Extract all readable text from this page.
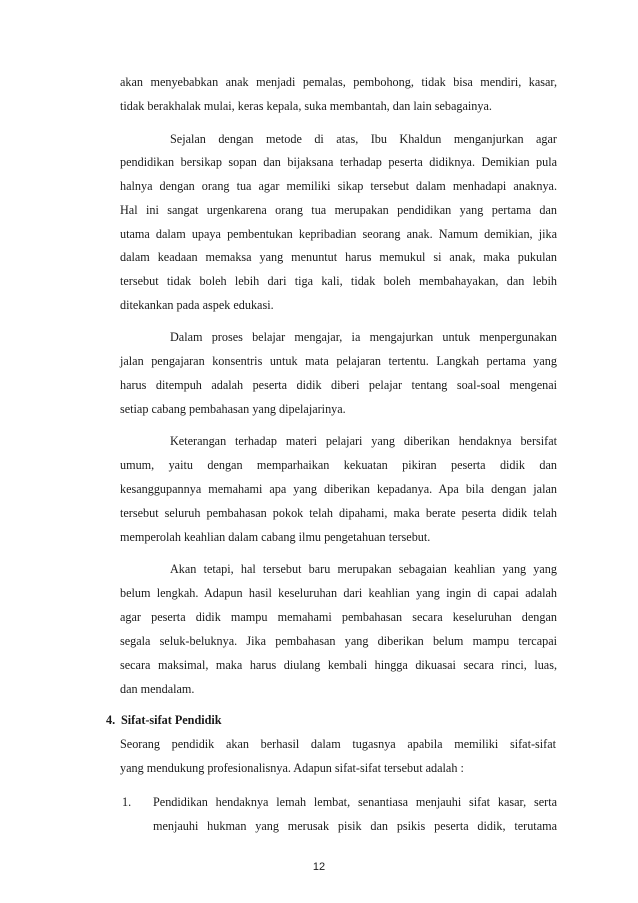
akan menyebabkan anak menjadi pemalas, pembohong, tidak bisa mendiri, kasar,
tidak berakhalak mulai, keras kepala, suka membantah, dan lain sebagainya.
Sejalan dengan metode di atas, Ibu Khaldun menganjurkan agar
pendidikan bersikap sopan dan bijaksana terhadap peserta didiknya. Demikian pula
halnya dengan orang tua agar memiliki sikap tersebut dalam menhadapi anaknya.
Hal ini sangat urgenkarena orang tua merupakan pendidikan yang pertama dan
utama dalam upaya pembentukan kepribadian seorang anak. Namum demikian, jika
dalam keadaan memaksa yang menuntut harus memukul si anak, maka pukulan
tersebut tidak boleh lebih dari tiga kali, tidak boleh membahayakan, dan lebih
ditekankan pada aspek edukasi.
Dalam proses belajar mengajar, ia mengajurkan untuk menpergunakan
jalan pengajaran konsentris untuk mata pelajaran tertentu. Langkah pertama yang
harus ditempuh adalah peserta didik diberi pelajar tentang soal-soal mengenai
setiap cabang pembahasan yang dipelajarinya.
Keterangan terhadap materi pelajari yang diberikan hendaknya bersifat
umum, yaitu dengan memparhaikan kekuatan pikiran peserta didik dan
kesanggupannya memahami apa yang diberikan kepadanya. Apa bila dengan jalan
tersebut seluruh pembahasan pokok telah dipahami, maka berate peserta didik telah
memperolah keahlian dalam cabang ilmu pengetahuan tersebut.
Akan tetapi, hal tersebut baru merupakan sebagaian keahlian yang yang
belum lengkah. Adapun hasil keseluruhan dari keahlian yang ingin di capai adalah
agar peserta didik mampu memahami pembahasan secara keseluruhan dengan
segala seluk-beluknya. Jika pembahasan yang diberikan belum mampu tercapai
secara maksimal, maka harus diulang kembali hingga dikuasai secara rinci, luas,
dan mendalam.
4. Sifat-sifat Pendidik
Seorang pendidik akan berhasil dalam tugasnya apabila memiliki sifat-sifat
yang mendukung profesionalisnya. Adapun sifat-sifat tersebut adalah :
1. Pendidikan hendaknya lemah lembat, senantiasa menjauhi sifat kasar, serta
menjauhi hukman yang merusak pisik dan psikis peserta didik, terutama
12
